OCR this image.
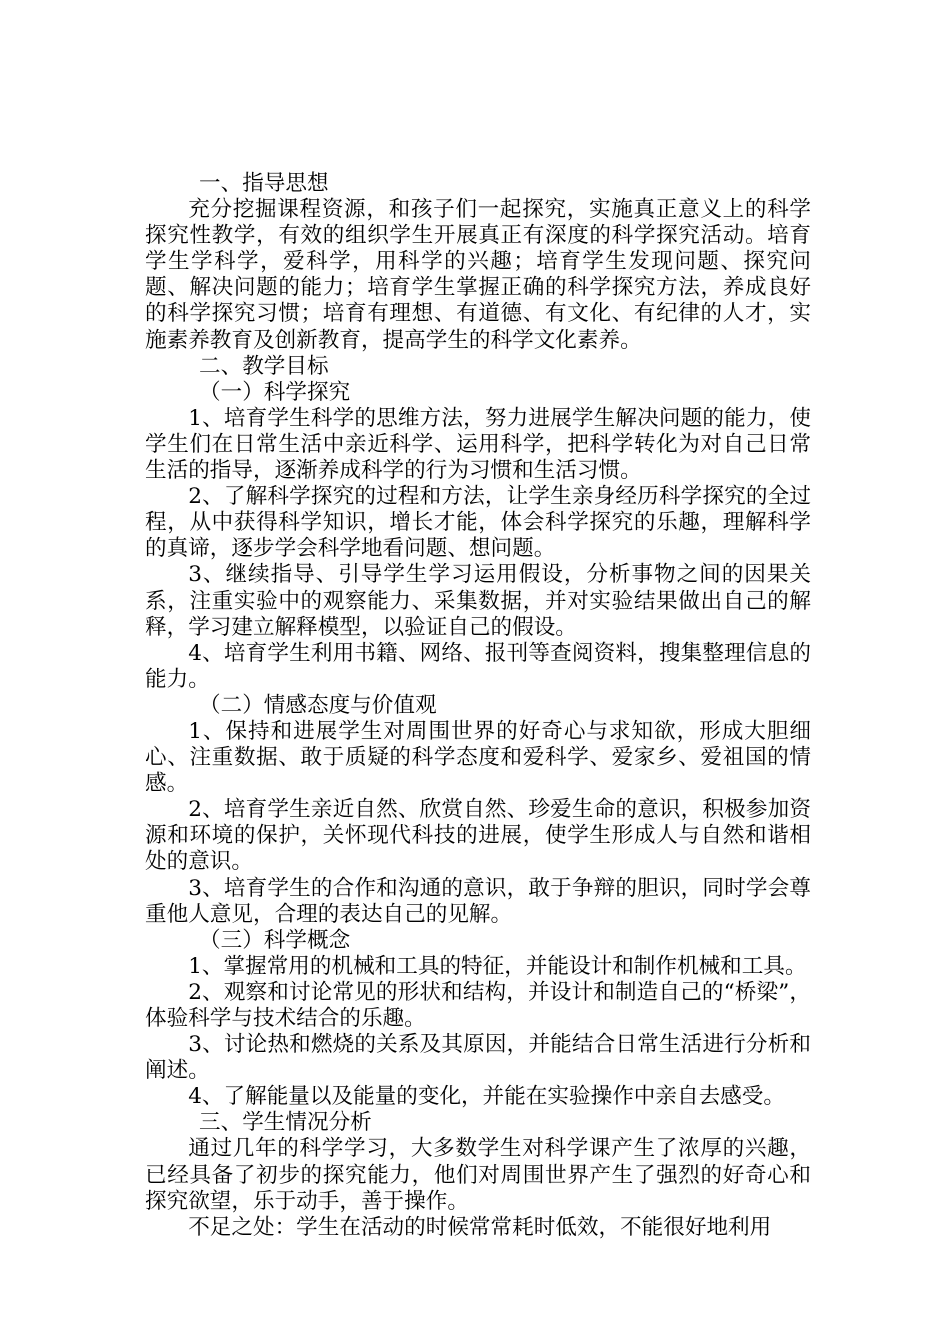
一、指导思想

充分挖掘课程资源，和孩子们一起探究，实施真正意义上的科学探究性教学，有效的组织学生开展真正有深度的科学探究活动。培育学生学科学，爱科学，用科学的兴趣；培育学生发现问题、探究问题、解决问题的能力；培育学生掌握正确的科学探究方法，养成良好的科学探究习惯；培育有理想、有道德、有文化、有纪律的人才，实施素养教育及创新教育，提高学生的科学文化素养。

二、教学目标

（一）科学探究

1、培育学生科学的思维方法，努力进展学生解决问题的能力，使学生们在日常生活中亲近科学、运用科学，把科学转化为对自己日常生活的指导，逐渐养成科学的行为习惯和生活习惯。

2、了解科学探究的过程和方法，让学生亲身经历科学探究的全过程，从中获得科学知识，增长才能，体会科学探究的乐趣，理解科学的真谛，逐步学会科学地看问题、想问题。

3、继续指导、引导学生学习运用假设，分析事物之间的因果关系，注重实验中的观察能力、采集数据，并对实验结果做出自己的解释，学习建立解释模型，以验证自己的假设。

4、培育学生利用书籍、网络、报刊等查阅资料，搜集整理信息的能力。

（二）情感态度与价值观

1、保持和进展学生对周围世界的好奇心与求知欲，形成大胆细心、注重数据、敢于质疑的科学态度和爱科学、爱家乡、爱祖国的情感。

2、培育学生亲近自然、欣赏自然、珍爱生命的意识，积极参加资源和环境的保护，关怀现代科技的进展，使学生形成人与自然和谐相处的意识。

3、培育学生的合作和沟通的意识，敢于争辩的胆识，同时学会尊重他人意见，合理的表达自己的见解。

（三）科学概念

1、掌握常用的机械和工具的特征，并能设计和制作机械和工具。

2、观察和讨论常见的形状和结构，并设计和制造自己的“桥梁”，体验科学与技术结合的乐趣。

3、讨论热和燃烧的关系及其原因，并能结合日常生活进行分析和阐述。

4、了解能量以及能量的变化，并能在实验操作中亲自去感受。

三、学生情况分析

通过几年的科学学习，大多数学生对科学课产生了浓厚的兴趣，已经具备了初步的探究能力，他们对周围世界产生了强烈的好奇心和探究欲望，乐于动手，善于操作。

不足之处：学生在活动的时候常常耗时低效，不能很好地利用
